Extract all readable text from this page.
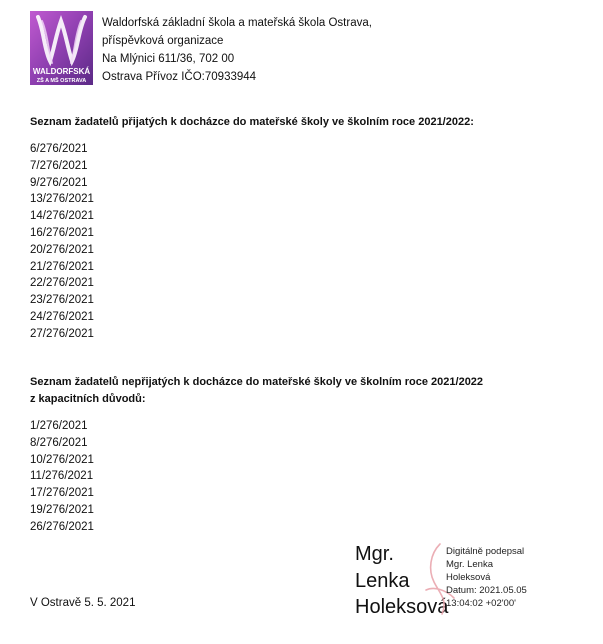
WALDORFSKÁ
ZŠ A MŠ OSTRAVA
Waldorfská základní škola a mateřská škola Ostrava,
příspěvková organizace
Na Mlýnici 611/36, 702 00
Ostrava Přívoz IČO:70933944
Seznam žadatelů přijatých k docházce do mateřské školy ve školním roce 2021/2022:
6/276/2021
7/276/2021
9/276/2021
13/276/2021
14/276/2021
16/276/2021
20/276/2021
21/276/2021
22/276/2021
23/276/2021
24/276/2021
27/276/2021
Seznam žadatelů nepřijatých k docházce do mateřské školy ve školním roce 2021/2022
z kapacitních důvodů:
1/276/2021
8/276/2021
10/276/2021
11/276/2021
17/276/2021
19/276/2021
26/276/2021
V Ostravě 5. 5. 2021
Mgr.
Lenka
Holeksová
Digitálně podepsal
Mgr. Lenka
Holeksová
Datum: 2021.05.05
13:04:02 +02'00'
